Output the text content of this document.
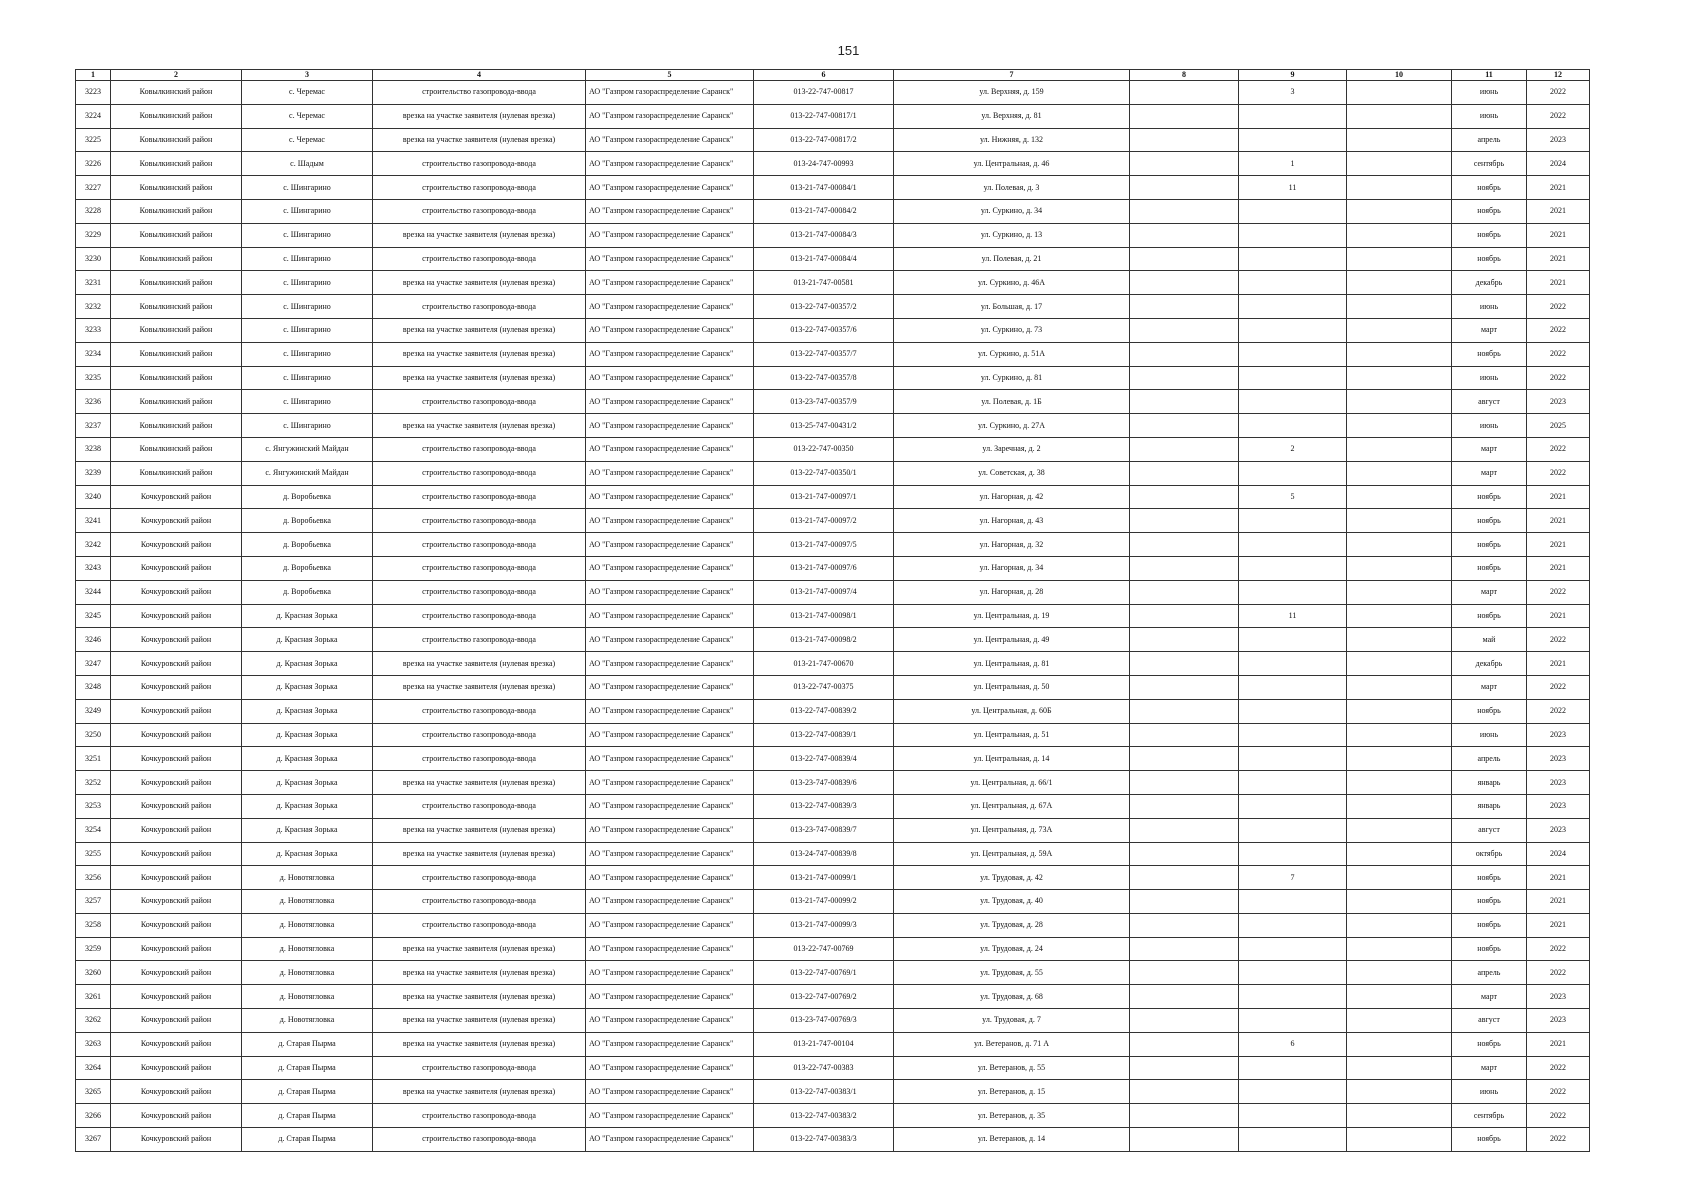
151
1	2	3	4	5	6	7	8	9	10	11	12
3223	Ковылкинский район	с. Черемас	строительство газопровода-ввода	АО "Газпром газораспределение Саранск"	013-22-747-00817	ул. Верхняя, д. 159		3		июнь	2022
3224	Ковылкинский район	с. Черемас	врезка на участке заявителя (нулевая врезка)	АО "Газпром газораспределение Саранск"	013-22-747-00817/1	ул. Верхняя, д. 81				июнь	2022
3225	Ковылкинский район	с. Черемас	врезка на участке заявителя (нулевая врезка)	АО "Газпром газораспределение Саранск"	013-22-747-00817/2	ул. Нижняя, д. 132				апрель	2023
3226	Ковылкинский район	с. Шадым	строительство газопровода-ввода	АО "Газпром газораспределение Саранск"	013-24-747-00993	ул. Центральная, д. 46		1		сентябрь	2024
3227	Ковылкинский район	с. Шингарино	строительство газопровода-ввода	АО "Газпром газораспределение Саранск"	013-21-747-00084/1	ул. Полевая, д. 3		11		ноябрь	2021
3228	Ковылкинский район	с. Шингарино	строительство газопровода-ввода	АО "Газпром газораспределение Саранск"	013-21-747-00084/2	ул. Суркино, д. 34				ноябрь	2021
3229	Ковылкинский район	с. Шингарино	врезка на участке заявителя (нулевая врезка)	АО "Газпром газораспределение Саранск"	013-21-747-00084/3	ул. Суркино, д. 13				ноябрь	2021
3230	Ковылкинский район	с. Шингарино	строительство газопровода-ввода	АО "Газпром газораспределение Саранск"	013-21-747-00084/4	ул. Полевая, д. 21				ноябрь	2021
3231	Ковылкинский район	с. Шингарино	врезка на участке заявителя (нулевая врезка)	АО "Газпром газораспределение Саранск"	013-21-747-00581	ул. Суркино, д. 46А				декабрь	2021
3232	Ковылкинский район	с. Шингарино	строительство газопровода-ввода	АО "Газпром газораспределение Саранск"	013-22-747-00357/2	ул. Большая, д. 17				июнь	2022
3233	Ковылкинский район	с. Шингарино	врезка на участке заявителя (нулевая врезка)	АО "Газпром газораспределение Саранск"	013-22-747-00357/6	ул. Суркино, д. 73				март	2022
3234	Ковылкинский район	с. Шингарино	врезка на участке заявителя (нулевая врезка)	АО "Газпром газораспределение Саранск"	013-22-747-00357/7	ул. Суркино, д. 51А				ноябрь	2022
3235	Ковылкинский район	с. Шингарино	врезка на участке заявителя (нулевая врезка)	АО "Газпром газораспределение Саранск"	013-22-747-00357/8	ул. Суркино, д. 81				июнь	2022
3236	Ковылкинский район	с. Шингарино	строительство газопровода-ввода	АО "Газпром газораспределение Саранск"	013-23-747-00357/9	ул. Полевая, д. 1Б				август	2023
3237	Ковылкинский район	с. Шингарино	врезка на участке заявителя (нулевая врезка)	АО "Газпром газораспределение Саранск"	013-25-747-00431/2	ул. Суркино, д. 27А				июнь	2025
3238	Ковылкинский район	с. Янгужинский Майдан	строительство газопровода-ввода	АО "Газпром газораспределение Саранск"	013-22-747-00350	ул. Заречная, д. 2		2		март	2022
3239	Ковылкинский район	с. Янгужинский Майдан	строительство газопровода-ввода	АО "Газпром газораспределение Саранск"	013-22-747-00350/1	ул. Советская, д. 38				март	2022
3240	Кочкуровский район	д. Воробьевка	строительство газопровода-ввода	АО "Газпром газораспределение Саранск"	013-21-747-00097/1	ул. Нагорная, д. 42		5		ноябрь	2021
3241	Кочкуровский район	д. Воробьевка	строительство газопровода-ввода	АО "Газпром газораспределение Саранск"	013-21-747-00097/2	ул. Нагорная, д. 43				ноябрь	2021
3242	Кочкуровский район	д. Воробьевка	строительство газопровода-ввода	АО "Газпром газораспределение Саранск"	013-21-747-00097/5	ул. Нагорная, д. 32				ноябрь	2021
3243	Кочкуровский район	д. Воробьевка	строительство газопровода-ввода	АО "Газпром газораспределение Саранск"	013-21-747-00097/6	ул. Нагорная, д. 34				ноябрь	2021
3244	Кочкуровский район	д. Воробьевка	строительство газопровода-ввода	АО "Газпром газораспределение Саранск"	013-21-747-00097/4	ул. Нагорная, д. 28				март	2022
3245	Кочкуровский район	д. Красная Зорька	строительство газопровода-ввода	АО "Газпром газораспределение Саранск"	013-21-747-00098/1	ул. Центральная, д. 19		11		ноябрь	2021
3246	Кочкуровский район	д. Красная Зорька	строительство газопровода-ввода	АО "Газпром газораспределение Саранск"	013-21-747-00098/2	ул. Центральная, д. 49				май	2022
3247	Кочкуровский район	д. Красная Зорька	врезка на участке заявителя (нулевая врезка)	АО "Газпром газораспределение Саранск"	013-21-747-00670	ул. Центральная, д. 81				декабрь	2021
3248	Кочкуровский район	д. Красная Зорька	врезка на участке заявителя (нулевая врезка)	АО "Газпром газораспределение Саранск"	013-22-747-00375	ул. Центральная, д. 50				март	2022
3249	Кочкуровский район	д. Красная Зорька	строительство газопровода-ввода	АО "Газпром газораспределение Саранск"	013-22-747-00839/2	ул. Центральная, д. 60Б				ноябрь	2022
3250	Кочкуровский район	д. Красная Зорька	строительство газопровода-ввода	АО "Газпром газораспределение Саранск"	013-22-747-00839/1	ул. Центральная, д. 51				июнь	2023
3251	Кочкуровский район	д. Красная Зорька	строительство газопровода-ввода	АО "Газпром газораспределение Саранск"	013-22-747-00839/4	ул. Центральная, д. 14				апрель	2023
3252	Кочкуровский район	д. Красная Зорька	врезка на участке заявителя (нулевая врезка)	АО "Газпром газораспределение Саранск"	013-23-747-00839/6	ул. Центральная, д. 66/1				январь	2023
3253	Кочкуровский район	д. Красная Зорька	строительство газопровода-ввода	АО "Газпром газораспределение Саранск"	013-22-747-00839/3	ул. Центральная, д. 67А				январь	2023
3254	Кочкуровский район	д. Красная Зорька	врезка на участке заявителя (нулевая врезка)	АО "Газпром газораспределение Саранск"	013-23-747-00839/7	ул. Центральная, д. 73А				август	2023
3255	Кочкуровский район	д. Красная Зорька	врезка на участке заявителя (нулевая врезка)	АО "Газпром газораспределение Саранск"	013-24-747-00839/8	ул. Центральная, д. 59А				октябрь	2024
3256	Кочкуровский район	д. Новотягловка	строительство газопровода-ввода	АО "Газпром газораспределение Саранск"	013-21-747-00099/1	ул. Трудовая, д. 42		7		ноябрь	2021
3257	Кочкуровский район	д. Новотягловка	строительство газопровода-ввода	АО "Газпром газораспределение Саранск"	013-21-747-00099/2	ул. Трудовая, д. 40				ноябрь	2021
3258	Кочкуровский район	д. Новотягловка	строительство газопровода-ввода	АО "Газпром газораспределение Саранск"	013-21-747-00099/3	ул. Трудовая, д. 28				ноябрь	2021
3259	Кочкуровский район	д. Новотягловка	врезка на участке заявителя (нулевая врезка)	АО "Газпром газораспределение Саранск"	013-22-747-00769	ул. Трудовая, д. 24				ноябрь	2022
3260	Кочкуровский район	д. Новотягловка	врезка на участке заявителя (нулевая врезка)	АО "Газпром газораспределение Саранск"	013-22-747-00769/1	ул. Трудовая, д. 55				апрель	2022
3261	Кочкуровский район	д. Новотягловка	врезка на участке заявителя (нулевая врезка)	АО "Газпром газораспределение Саранск"	013-22-747-00769/2	ул. Трудовая, д. 68				март	2023
3262	Кочкуровский район	д. Новотягловка	врезка на участке заявителя (нулевая врезка)	АО "Газпром газораспределение Саранск"	013-23-747-00769/3	ул. Трудовая, д. 7				август	2023
3263	Кочкуровский район	д. Старая Пырма	врезка на участке заявителя (нулевая врезка)	АО "Газпром газораспределение Саранск"	013-21-747-00104	ул. Ветеранов, д. 71 А		6		ноябрь	2021
3264	Кочкуровский район	д. Старая Пырма	строительство газопровода-ввода	АО "Газпром газораспределение Саранск"	013-22-747-00383	ул. Ветеранов, д. 55				март	2022
3265	Кочкуровский район	д. Старая Пырма	врезка на участке заявителя (нулевая врезка)	АО "Газпром газораспределение Саранск"	013-22-747-00383/1	ул. Ветеранов, д. 15				июнь	2022
3266	Кочкуровский район	д. Старая Пырма	строительство газопровода-ввода	АО "Газпром газораспределение Саранск"	013-22-747-00383/2	ул. Ветеранов, д. 35				сентябрь	2022
3267	Кочкуровский район	д. Старая Пырма	строительство газопровода-ввода	АО "Газпром газораспределение Саранск"	013-22-747-00383/3	ул. Ветеранов, д. 14				ноябрь	2022
